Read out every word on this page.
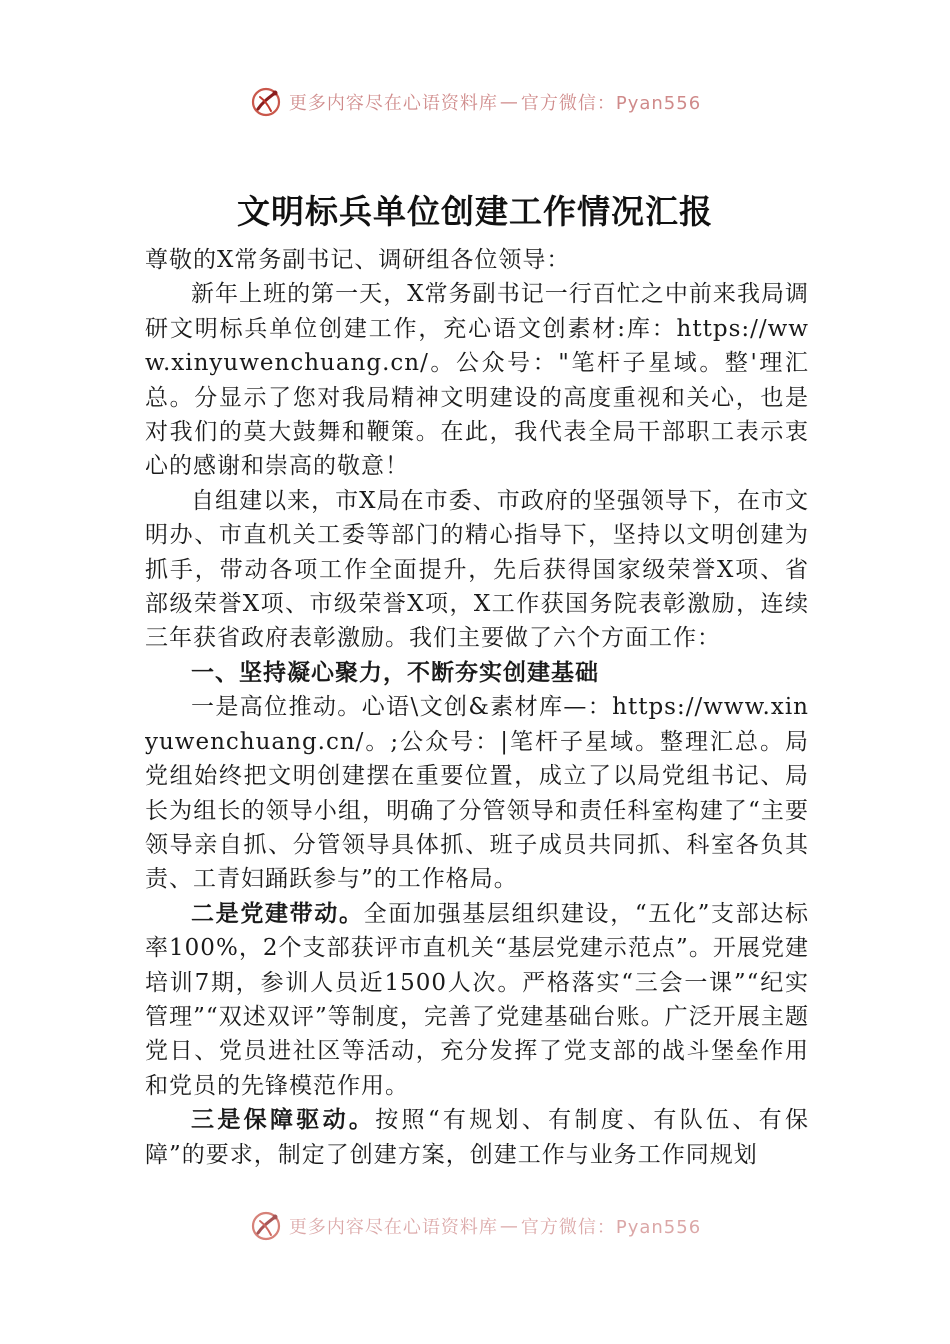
更多内容尽在心语资料库 — 官方微信：Pyan556
文明标兵单位创建工作情况汇报

尊敬的X常务副书记、调研组各位领导：

新年上班的第一天，X常务副书记一行百忙之中前来我局调研文明标兵单位创建工作，充心语文创素材:库：https://www.xinyuwenchuang.cn/。公众号："笔杆子星域。整'理汇总。分显示了您对我局精神文明建设的高度重视和关心，也是对我们的莫大鼓舞和鞭策。在此，我代表全局干部职工表示衷心的感谢和崇高的敬意！

自组建以来，市X局在市委、市政府的坚强领导下，在市文明办、市直机关工委等部门的精心指导下，坚持以文明创建为抓手，带动各项工作全面提升，先后获得国家级荣誉X项、省部级荣誉X项、市级荣誉X项，X工作获国务院表彰激励，连续三年获省政府表彰激励。我们主要做了六个方面工作：

一、坚持凝心聚力，不断夯实创建基础

一是高位推动。心语\文创&素材库—：https://www.xinyuwenchuang.cn/。;公众号：|笔杆子星域。整理汇总。局党组始终把文明创建摆在重要位置，成立了以局党组书记、局长为组长的领导小组，明确了分管领导和责任科室构建了“主要领导亲自抓、分管领导具体抓、班子成员共同抓、科室各负其责、工青妇踊跃参与”的工作格局。

二是党建带动。全面加强基层组织建设，“五化”支部达标率100%，2个支部获评市直机关“基层党建示范点”。开展党建培训7期，参训人员近1500人次。严格落实“三会一课”“纪实管理”“双述双评”等制度，完善了党建基础台账。广泛开展主题党日、党员进社区等活动，充分发挥了党支部的战斗堡垒作用和党员的先锋模范作用。

三是保障驱动。按照“有规划、有制度、有队伍、有保障”的要求，制定了创建方案，创建工作与业务工作同规划

更多内容尽在心语资料库 — 官方微信：Pyan556
